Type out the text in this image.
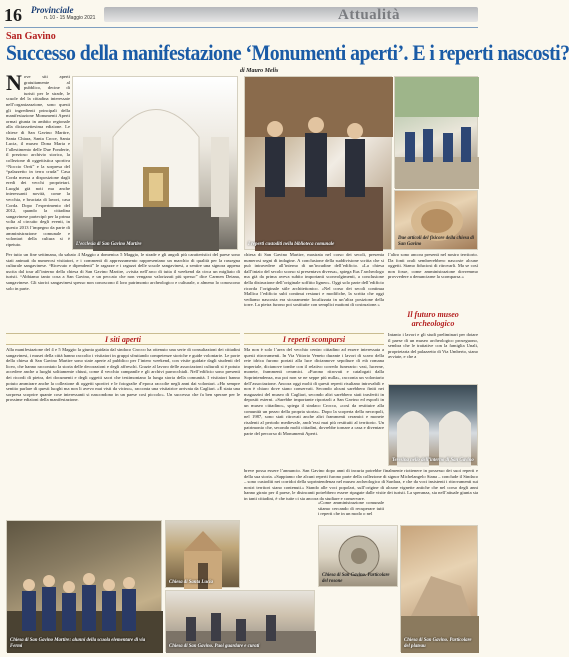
16 Provinciale
n. 10 - 15 Maggio 2021	Attualità
San Gavino
Successo della manifestazione ‘Monumenti aperti’. E i reperti nascosti?
di Mauro Melis
N ove siti aperti gratuitamente al pubblico, decine di turisti per le strade, le scuole del la cittadina interessate nell’organizzazione, sono questi gli ingredienti principali della manifestazione Monumenti Aperti ormai giunta in ambito regionale alla diciassettesima edizione. Le chiese di San Gavino Martire, Santa Chiara, Santa Croce, Santa Lucia, il museo Dona Maria e l’allestimento delle Due Fonderie, il prezioso archivio storico, la collezione di oggettistica sportiva “Noccio Orrù” e la sorpresa del “palazzetto in terra cruda” Casa Corda messa a disposizione dagli eredi dei vecchi proprietari. Luoghi già noti ma anche interessanti novità, come la vecchia, e bruciata di lavori, casa Corda. Dopo l’esperimento del 2012, quando la cittadina sangavinese partecipò per la prima volta al circuito degli eventi, in questo 2013 l’impegno da parte di amministrazione comunale e volontari della cultura si è ripetuto.	L’ecclesia di San Gavino Martire
Per tutto un fine settimana, da sabato 4 Maggio a domenica 5 Maggio, le strade e gli angoli più caratteristici del paese sono stati animati da numerosi visitatori, e i commenti di apprezzamento rappresentano un marchio di qualità per la rassegna culturale sangavinese. “Ricevuto e dipendenti” le ragazze e i ragazzi delle scuole sangavinesi, a sentire una signora appena uscita dal tour all’interno della chiesa di San Gavino Martire, «visita nell’arco di tutta il weekend da circa un migliaio di turisti. “Abbiamo tanto cosa a San Gavino, e un peccato che non vengano valorizzati più spesso” dice Carmen Deiana, sangavinese. Gli storici sangavinesi spesso non conoscono il loro patrimonio archeologico e culturale, o almeno lo conoscono solo in parte.
I siti aperti
Alla manifestazione del 4 e 5 Maggio la giunta guidata dal sindaco Crocco ha ottenuto una serie di consultazioni dei cittadini sangavinesi, i musei della città hanno raccolto i visitatori in gruppi sfruttando competenze storiche e guide volontarie. Le porte della chiesa di San Gavino Martire sono state aperte al pubblico per l’intero weekend, con visite guidate dagli studenti del liceo, che hanno raccontato la storia delle decorazioni e degli affreschi. Grazie al lavoro delle associazioni culturali si è potuto accedere anche a luoghi solitamente chiusi, come il vecchio campanile e gli archivi parrocchiali. Nell’edificio sono presenti dei ricordi di pietra, dei documenti e degli oggetti sacri che testimoniano la lunga storia della comunità. I visitatori hanno potuto ammirare anche la collezione di oggetti sportivi e le fotografie d’epoca raccolte negli anni dai volontari. «Ho sempre sentito parlare di questi luoghi ma non li avevo mai visti da vicino», racconta una visitatrice arrivata da Cagliari. «È stata una sorpresa scoprire quante cose interessanti si nascondono in un paese così piccolo». Un successo che fa ben sperare per le prossime edizioni della manifestazione.
Chiesa di San Gavino Martire: alunni della scuola elementare di via Fermi
Chiesa di Santa Lucia
Chiesa di San Gavino. Puoi guardare e curati
I reperti custoditi nella biblioteca comunale
Due articoli del fisicore della chiesa di San Gavino
chiesa di San Gavino Martire, mastrata nel corso dei secoli, presenta numerosi segni di indagine. A conclusione della suddivisione scritta che si può intravedere all’interno di un’incudine dell’edificio. «La chiesa dall’inizio del secolo scorso si presentava diversa», spiega Eus l’archeologo ma già da prima aveva subito importanti sconvolgimenti, a conclusione della distruzione dell’originale soffitto ligneo». Oggi solo parte dell’edificio ricorda l’originale stile architettonico. «Nel corso dei secoli continua Mallica l’edificio subì continui restauri e modifiche, la scritta che oggi vediamo nascosta era sicuramente localizzata in un’altra posizione della torre. La pietra furono poi sostituite con semplici mattoni di costruzione.»
I reperti scomparsi
Ma non è solo l’area del vecchio centro cittadino ad essere interessata a questi ritrovamenti. In Via Vittorio Veneto durante i lavori di scavo della rete idrica furono portati alla luce diciannove sepolture di età romana imperiale, dicianove tombe con il relativo corredo funerario: vasi, lucerne, monete, frammenti ceramici. «Furono ritrovati e catalogati dalla Soprintendenza, ma poi non se ne seppe più nulla», racconta un volontario dell’associazione. Ancora oggi molti di questi reperti risultano introvabili e non è chiaro dove siano conservati. Secondo alcuni sarebbero finiti nei magazzini del museo di Cagliari, secondo altri sarebbero stati trasferiti in depositi esterni. «Sarebbe importante riportarli a San Gavino ed esporli in un museo cittadino», spiega il sindaco Crocco, «così da restituire alla comunità un pezzo della propria storia». Dopo la scoperta della necropoli, nel 1987, sono stati ritrovati anche altri frammenti ceramici e monete risalenti al periodo medievale, anch’essi mai più restituiti al territorio. Un patrimonio che, secondo molti cittadini, dovrebbe tornare a casa e diventare parte del percorso di Monumenti Aperti.
«Come amministrazione comunale stiamo cercando di recuperare tutti i reperti che in un modo o nel
l’altro sono ancora presenti nel nostro territorio. Da fonti orali sembrerebbero nascoste alcune oggetti. Siamo fiduciosi di ritrovarli. Ma se così non fosse, come amministrazione dovremmo provvedere a denunciarne la scomparsa.»
Il futuro museo archeologico
Intanto i lavori e gli studi preliminari per dotare il paese di un museo archeologico proseguono, sembra che le trattative con la famiglia Unali, proprietaria del palazzetto di Via Umberto, siano avviate, e che a
Teresina nello dell’interno di San Gavino
breve possa essere l’annuncio. San Gavino dopo anni di incuria potrebbe finalmente riottenere in possesso dei suoi reperti e della sua storia. «Sappiamo che alcuni reperti furono parte della collezione di signor Michelangelo Siana – conclude il Sindaco – sono custoditi nei corridoi della soprintendenza nel museo archeologico di Sardara, e che da voci insistenti i ritrovamenti sui nostri territori siano contenuti.» Stando alle voci popolari, sull’origine di alcune vignette antiche che nel corso degli anni hanno girato per il paese, le disincanti potrebbero essere ripagate dalle visite dei turisti. La speranza, sia nell’attuale giunta sia in tanti cittadini, è che tutte ci sia ancora da studiare e conservare.
Chiesa di San Gavino. Particolare del rosone
Chiesa di San Gavino. Particolare del plateau
